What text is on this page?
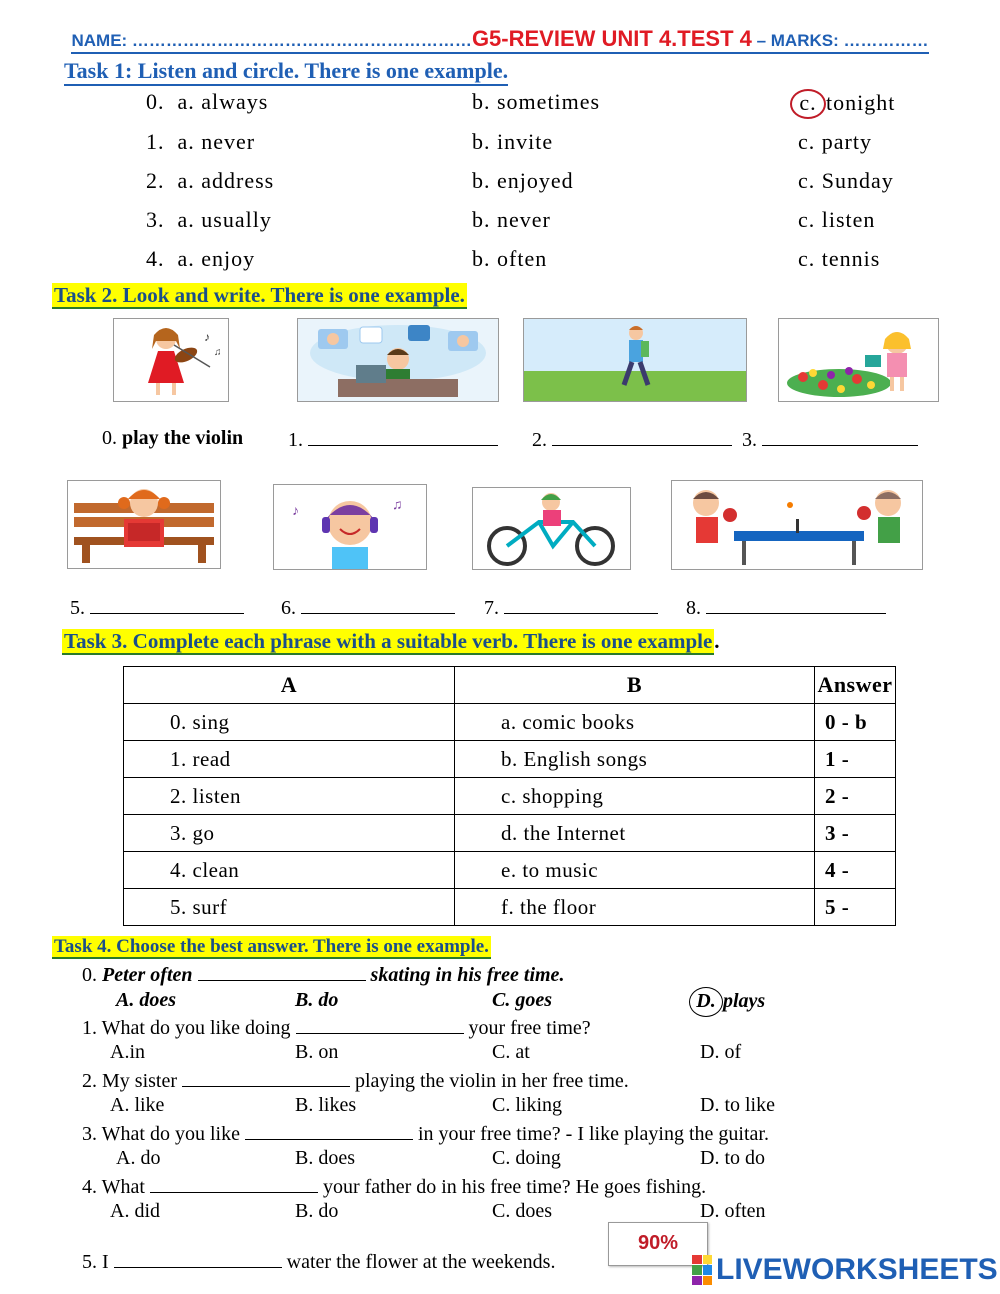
NAME: ……………………………………………………G5-REVIEW UNIT 4.TEST 4 – MARKS: ……………
Task 1: Listen and circle. There is one example.
0. a. always	b. sometimes	c. tonight
1. a. never	b. invite	c. party
2. a. address	b. enjoyed	c. Sunday
3. a. usually	b. never	c. listen
4. a. enjoy	b. often	c. tennis
Task 2. Look and write. There is one example.
♪
♫
0. play the violin 1.	2.	3.
♪	♫
5.	6.	7.	8.
Task 3. Complete each phrase with a suitable verb. There is one example.
A	B	Answer
0. sing	a. comic books	0 - b
1. read	b. English songs	1 -
2. listen	c. shopping	2 -
3. go	d. the Internet	3 -
4. clean	e. to music	4 -
5. surf	f. the floor	5 -
Task 4. Choose the best answer. There is one example.
0. Peter often	skating in his free time.
A. does	B. do	C. goes	D. plays
1. What do you like doing	your free time?
A.in	B. on	C. at	D. of
2. My sister	playing the violin in her free time.
A. like	B. likes	C. liking	D. to like
3. What do you like	in your free time? - I like playing the guitar.
A. do	B. does	C. doing	D. to do
4. What	your father do in his free time? He goes fishing.
A. did	B. do	C. does	D. often
5. I	water the flower at the weekends.
90%
LIVEWORKSHEETS
